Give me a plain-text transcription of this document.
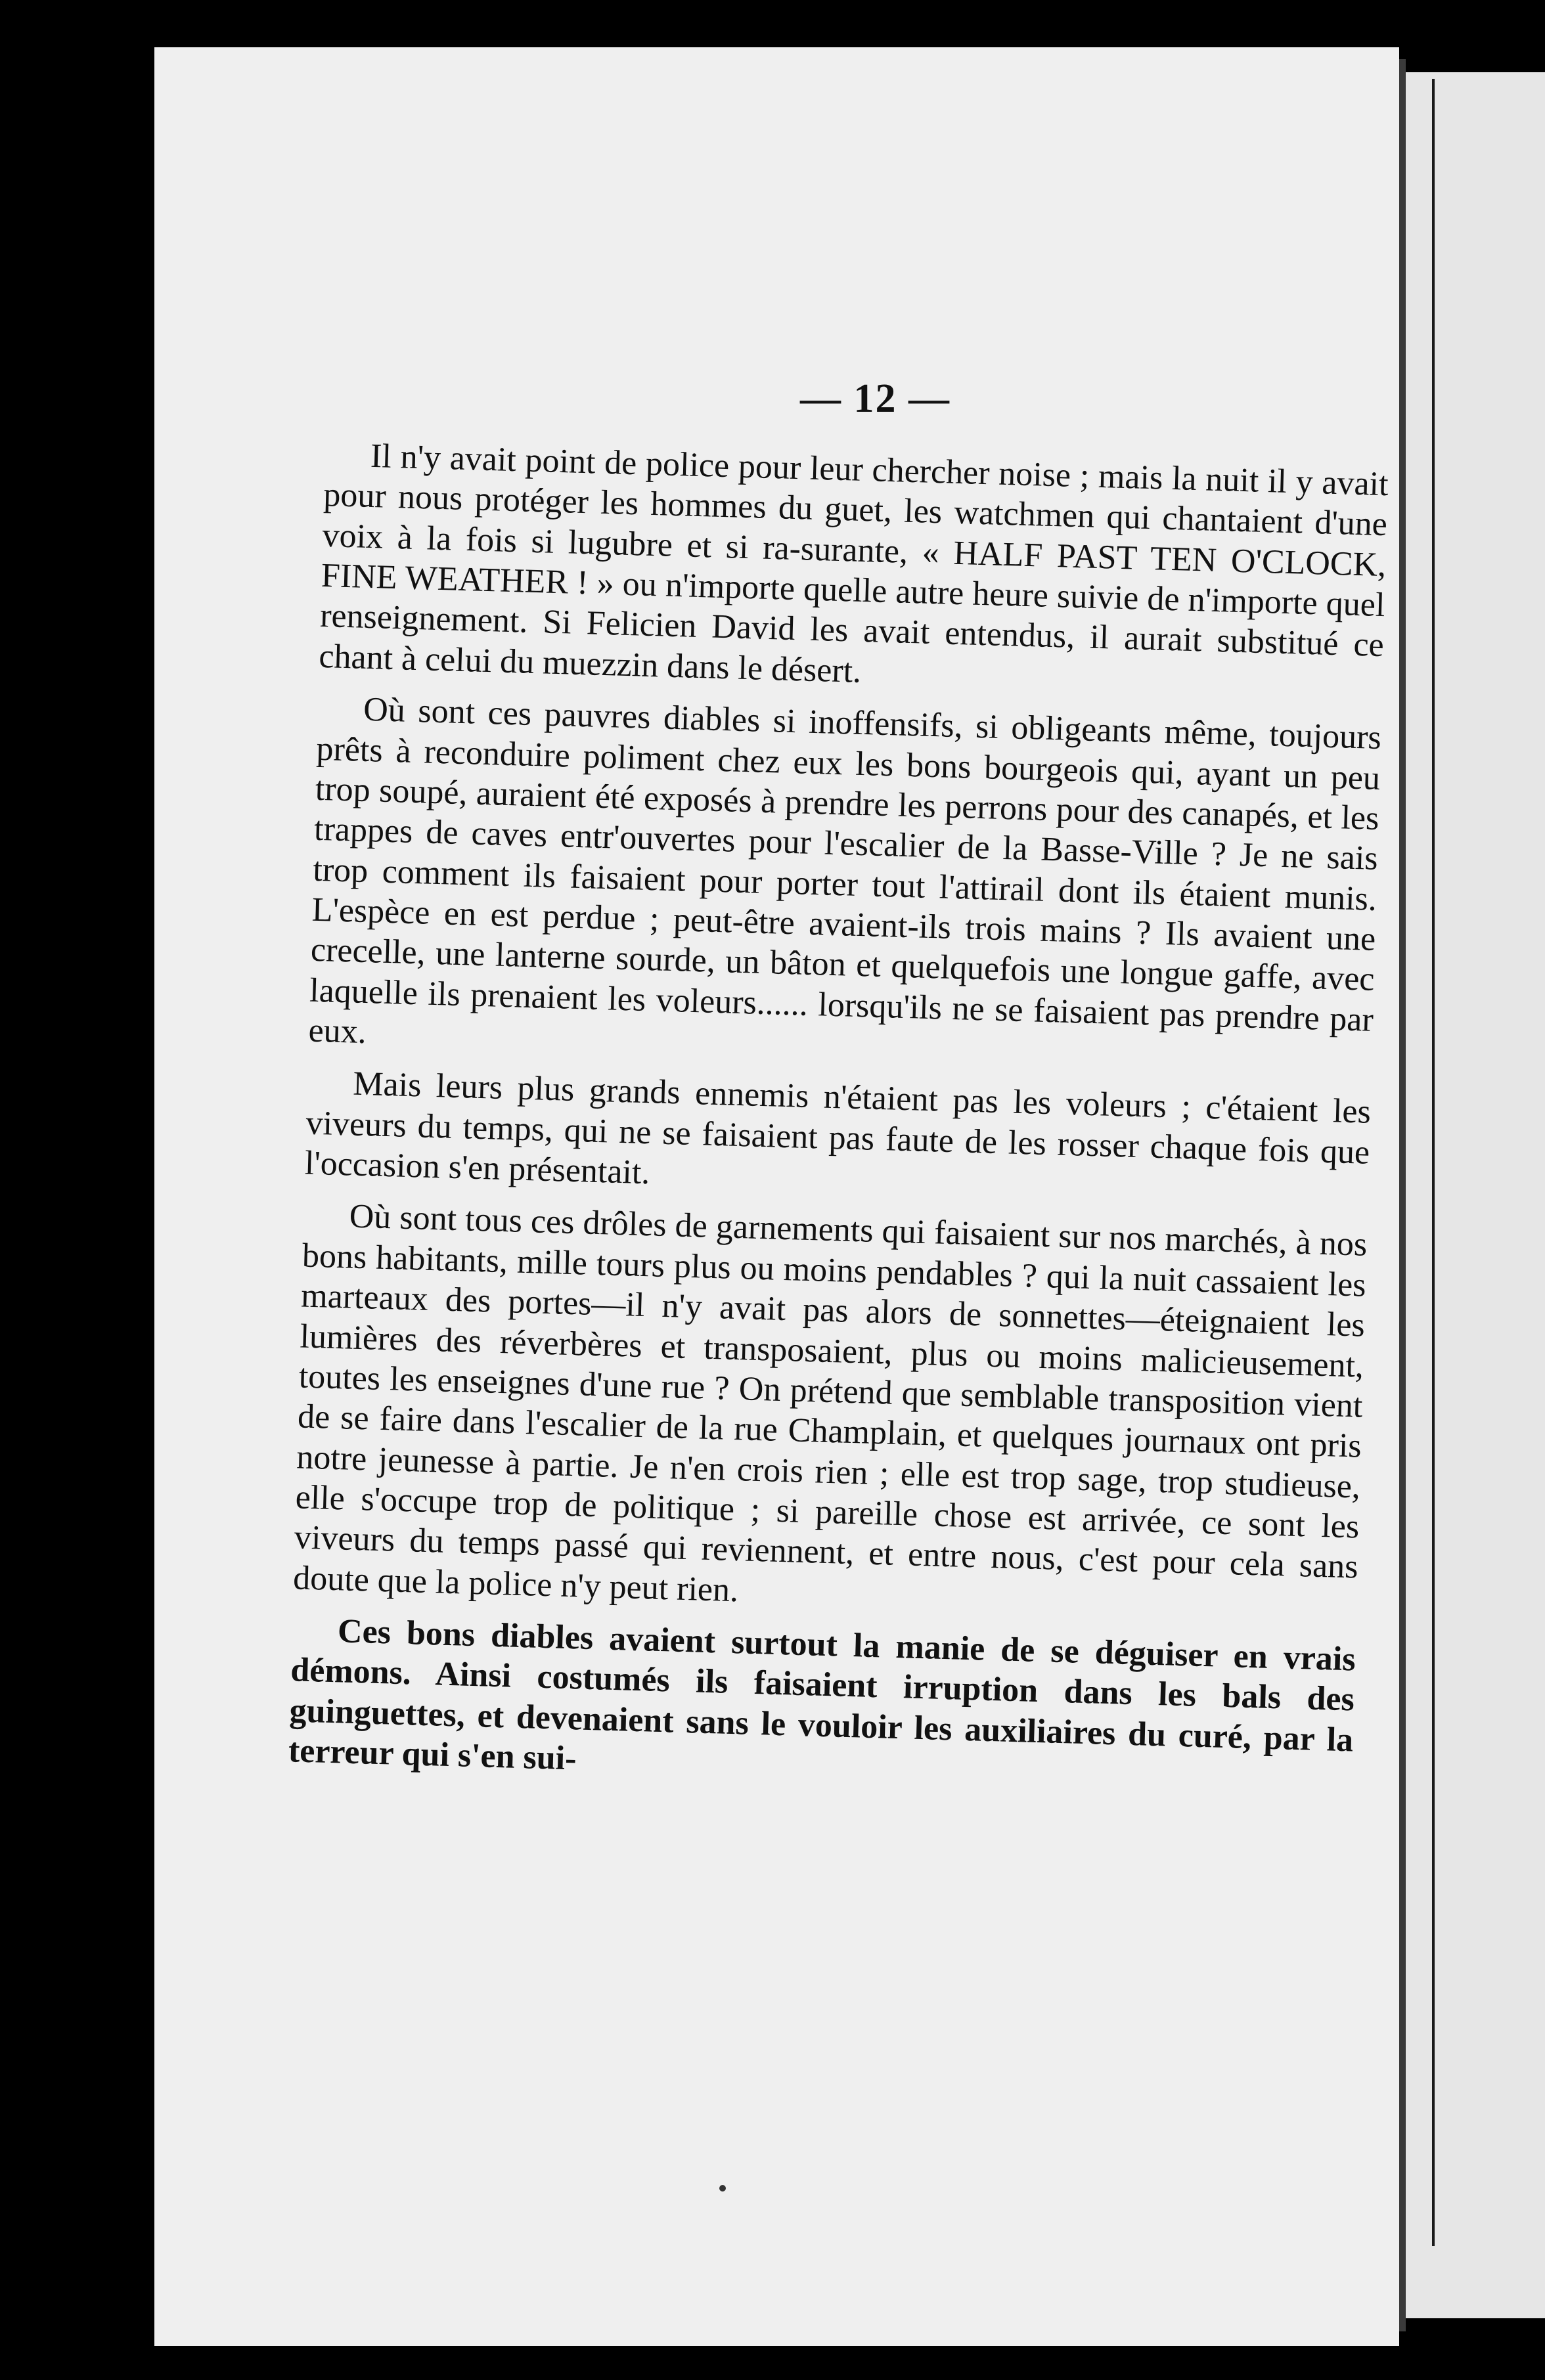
— 12 —

Il n'y avait point de police pour leur chercher noise ; mais la nuit il y avait pour nous protéger les hommes du guet, les watchmen qui chantaient d'une voix à la fois si lugubre et si ra-surante, « HALF PAST TEN O'CLOCK, FINE WEATHER ! » ou n'importe quelle autre heure suivie de n'importe quel renseignement. Si Felicien David les avait entendus, il aurait substitué ce chant à celui du muezzin dans le désert.

Où sont ces pauvres diables si inoffensifs, si obligeants même, toujours prêts à reconduire poliment chez eux les bons bourgeois qui, ayant un peu trop soupé, auraient été exposés à prendre les perrons pour des canapés, et les trappes de caves entr'ouvertes pour l'escalier de la Basse-Ville ? Je ne sais trop comment ils faisaient pour porter tout l'attirail dont ils étaient munis. L'espèce en est perdue ; peut-être avaient-ils trois mains ? Ils avaient une crecelle, une lanterne sourde, un bâton et quelquefois une longue gaffe, avec laquelle ils prenaient les voleurs...... lorsqu'ils ne se faisaient pas prendre par eux.

Mais leurs plus grands ennemis n'étaient pas les voleurs ; c'étaient les viveurs du temps, qui ne se faisaient pas faute de les rosser chaque fois que l'occasion s'en présentait.

Où sont tous ces drôles de garnements qui faisaient sur nos marchés, à nos bons habitants, mille tours plus ou moins pendables ? qui la nuit cassaient les marteaux des portes—il n'y avait pas alors de sonnettes—éteignaient les lumières des réverbères et transposaient, plus ou moins malicieusement, toutes les enseignes d'une rue ? On prétend que semblable transposition vient de se faire dans l'escalier de la rue Champlain, et quelques journaux ont pris notre jeunesse à partie. Je n'en crois rien ; elle est trop sage, trop studieuse, elle s'occupe trop de politique ; si pareille chose est arrivée, ce sont les viveurs du temps passé qui reviennent, et entre nous, c'est pour cela sans doute que la police n'y peut rien.

Ces bons diables avaient surtout la manie de se déguiser en vrais démons. Ainsi costumés ils faisaient irruption dans les bals des guinguettes, et devenaient sans le vouloir les auxiliaires du curé, par la terreur qui s'en sui-
